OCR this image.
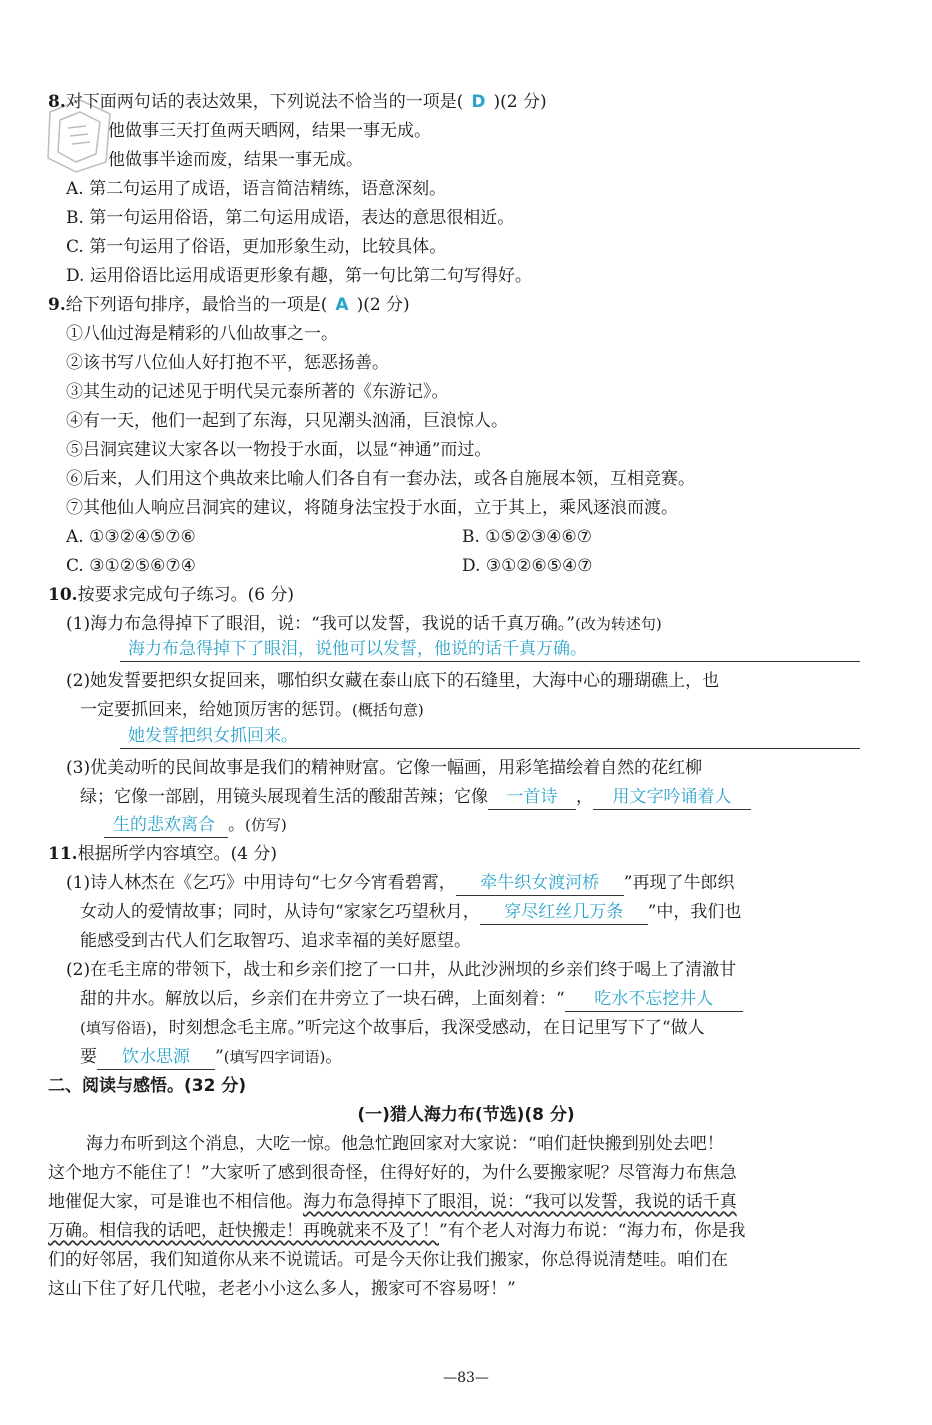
8.对下面两句话的表达效果，下列说法不恰当的一项是( D )(2 分)
他做事三天打鱼两天晒网，结果一事无成。
他做事半途而废，结果一事无成。
A. 第二句运用了成语，语言简洁精练，语意深刻。
B. 第一句运用俗语，第二句运用成语，表达的意思很相近。
C. 第一句运用了俗语，更加形象生动，比较具体。
D. 运用俗语比运用成语更形象有趣，第一句比第二句写得好。
9.给下列语句排序，最恰当的一项是( A )(2 分)
①八仙过海是精彩的八仙故事之一。
②该书写八位仙人好打抱不平，惩恶扬善。
③其生动的记述见于明代吴元泰所著的《东游记》。
④有一天，他们一起到了东海，只见潮头汹涌，巨浪惊人。
⑤吕洞宾建议大家各以一物投于水面，以显“神通”而过。
⑥后来，人们用这个典故来比喻人们各自有一套办法，或各自施展本领，互相竞赛。
⑦其他仙人响应吕洞宾的建议，将随身法宝投于水面，立于其上，乘风逐浪而渡。
A. ①③②④⑤⑦⑥	B. ①⑤②③④⑥⑦
C. ③①②⑤⑥⑦④	D. ③①②⑥⑤④⑦
10.按要求完成句子练习。(6 分)
(1)海力布急得掉下了眼泪，说：“我可以发誓，我说的话千真万确。”(改为转述句)
海力布急得掉下了眼泪，说他可以发誓，他说的话千真万确。
(2)她发誓要把织女捉回来，哪怕织女藏在泰山底下的石缝里，大海中心的珊瑚礁上，也
一定要抓回来，给她顶厉害的惩罚。(概括句意)
她发誓把织女抓回来。
(3)优美动听的民间故事是我们的精神财富。它像一幅画，用彩笔描绘着自然的花红柳
绿；它像一部剧，用镜头展现着生活的酸甜苦辣；它像 一首诗 ， 用文字吟诵着人
生的悲欢离合 。(仿写)
11.根据所学内容填空。(4 分)
(1)诗人林杰在《乞巧》中用诗句“七夕今宵看碧霄， 牵牛织女渡河桥 ”再现了牛郎织
女动人的爱情故事；同时，从诗句“家家乞巧望秋月， 穿尽红丝几万条 ”中，我们也
能感受到古代人们乞取智巧、追求幸福的美好愿望。
(2)在毛主席的带领下，战士和乡亲们挖了一口井，从此沙洲坝的乡亲们终于喝上了清澈甘
甜的井水。解放以后，乡亲们在井旁立了一块石碑，上面刻着：“ 吃水不忘挖井人
(填写俗语)，时刻想念毛主席。”听完这个故事后，我深受感动，在日记里写下了“做人
要 饮水思源 ”(填写四字词语)。
二、阅读与感悟。(32 分)
(一)猎人海力布(节选)(8 分)
海力布听到这个消息，大吃一惊。他急忙跑回家对大家说：“咱们赶快搬到别处去吧！
这个地方不能住了！”大家听了感到很奇怪，住得好好的，为什么要搬家呢？尽管海力布焦急
地催促大家，可是谁也不相信他。海力布急得掉下了眼泪，说：“我可以发誓，我说的话千真
万确。相信我的话吧，赶快搬走！再晚就来不及了！”有个老人对海力布说：“海力布，你是我
们的好邻居，我们知道你从来不说谎话。可是今天你让我们搬家，你总得说清楚哇。咱们在
这山下住了好几代啦，老老小小这么多人，搬家可不容易呀！”
—83—
